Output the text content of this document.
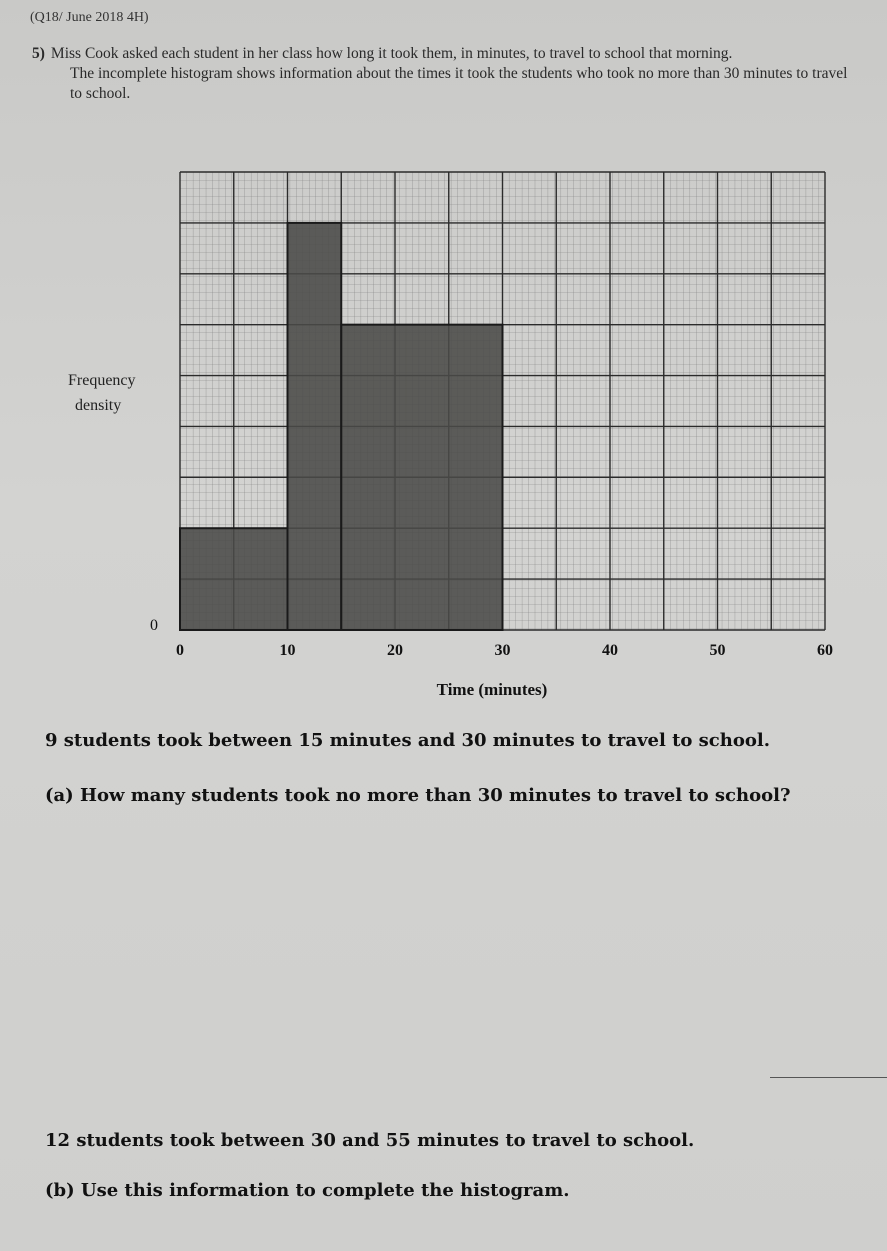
(Q18/ June 2018 4H)

5) Miss Cook asked each student in her class how long it took them, in minutes, to travel to school that morning.

The incomplete histogram shows information about the times it took the students who took no more than 30 minutes to travel to school.

0	10	20	30	40	50	60
0
Frequency density
Time (minutes)
9 students took between 15 minutes and 30 minutes to travel to school.
(a) How many students took no more than 30 minutes to travel to school?
12 students took between 30 and 55 minutes to travel to school.
(b) Use this information to complete the histogram.
